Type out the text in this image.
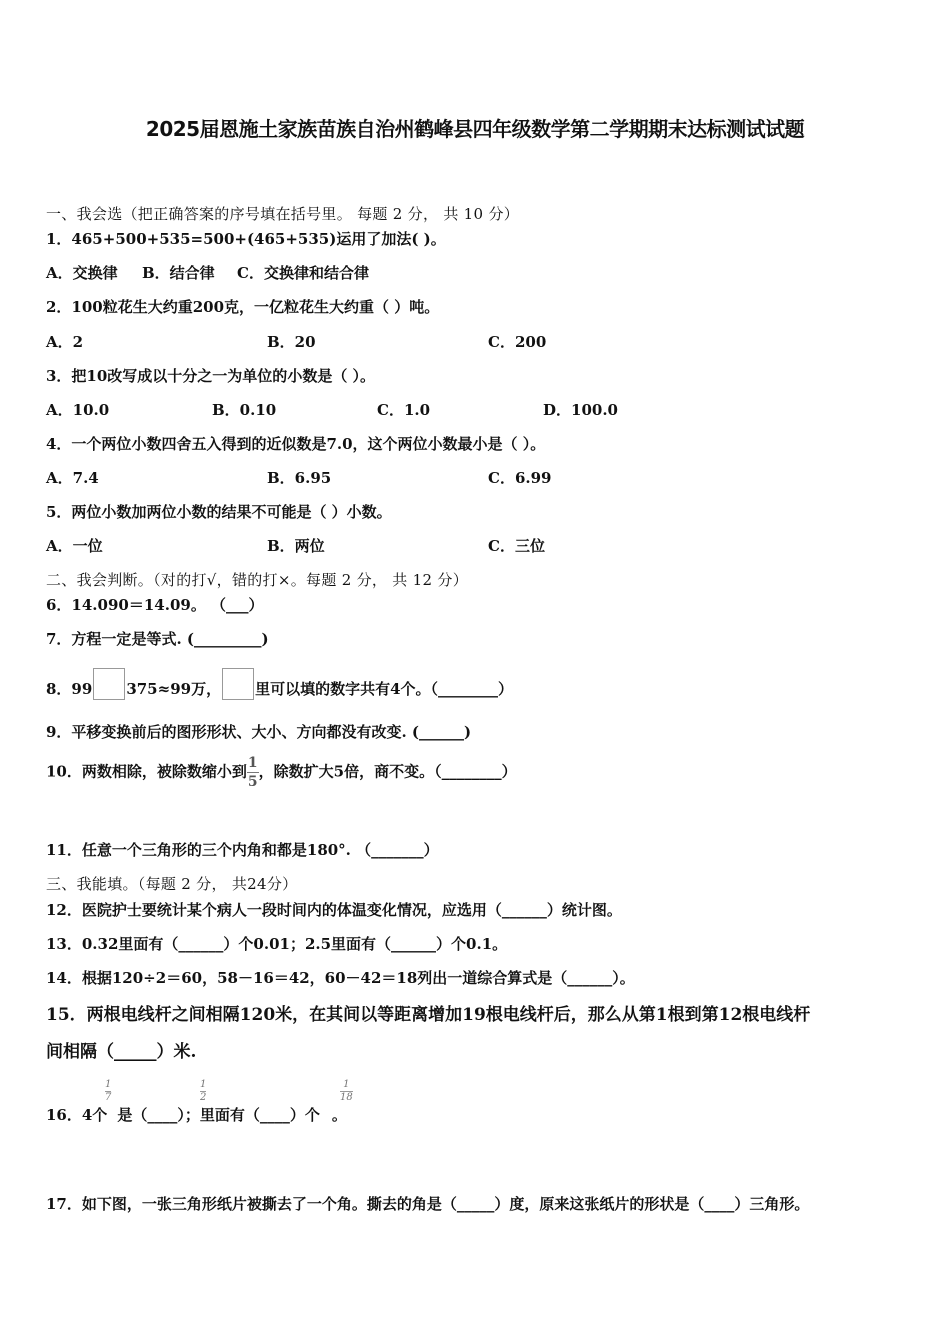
2025届恩施土家族苗族自治州鹤峰县四年级数学第二学期期末达标测试试题
一、我会选（把正确答案的序号填在括号里。 每题 2 分， 共 10 分）
1．465+500+535=500+(465+535)运用了加法( )。
A．交换律 B．结合律 C．交换律和结合律
2．100粒花生大约重200克，一亿粒花生大约重（ ）吨。
A．2	B．20	C．200
3．把10改写成以十分之一为单位的小数是（ ）。
A．10.0	B．0.10	C．1.0	D．100.0
4．一个两位小数四舍五入得到的近似数是7.0，这个两位小数最小是（ ）。
A．7.4	B．6.95	C．6.99
5．两位小数加两位小数的结果不可能是（ ）小数。
A．一位	B．两位	C．三位
二、我会判断。（对的打√，错的打×。每题 2 分， 共 12 分）
6．14.090＝14.09。 （___）
7．方程一定是等式. (_________)
8．99 375≈99万， 里可以填的数字共有4个。（________）
9．平移变换前后的图形形状、大小、方向都没有改变. (______)
10．两数相除，被除数缩小到 $\frac{1}{5}$ ，除数扩大5倍，商不变。（________）
11．任意一个三角形的三个内角和都是180°. （_______）
三、我能填。（每题 2 分， 共24分）
12．医院护士要统计某个病人一段时间内的体温变化情况，应选用（______）统计图。
13．0.32里面有（______）个0.01；2.5里面有（______）个0.1。
14．根据120÷2＝60，58－16＝42，60－42＝18列出一道综合算式是（______）。
15．两根电线杆之间相隔120米，在其间以等距离增加19根电线杆后，那么从第1根到第12根电线杆
间相隔（_____）米.
16．4个 是（____）；里面有（____）个 。
1
7
1
2
1
18
17．如下图，一张三角形纸片被撕去了一个角。撕去的角是（_____）度，原来这张纸片的形状是（____）三角形。
